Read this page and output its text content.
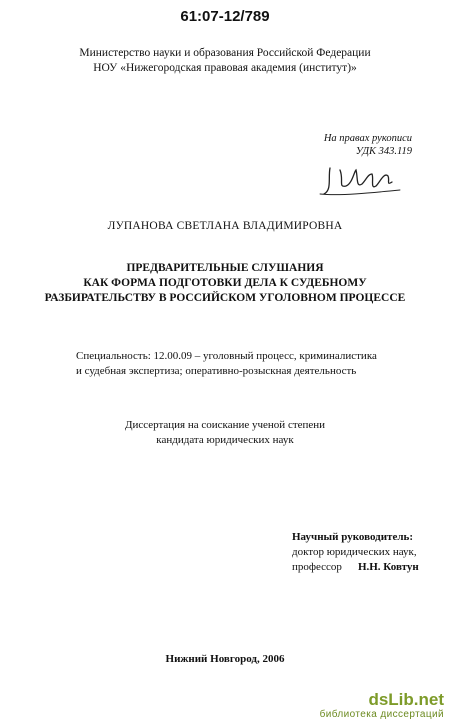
61:07-12/789
Министерство науки и образования Российской Федерации
НОУ «Нижегородская правовая академия (институт)»
На правах рукописи
УДК 343.119
ЛУПАНОВА СВЕТЛАНА ВЛАДИМИРОВНА
ПРЕДВАРИТЕЛЬНЫЕ СЛУШАНИЯ
КАК ФОРМА ПОДГОТОВКИ ДЕЛА К СУДЕБНОМУ
РАЗБИРАТЕЛЬСТВУ В РОССИЙСКОМ УГОЛОВНОМ ПРОЦЕССЕ
Специальность: 12.00.09 – уголовный процесс, криминалистика
и судебная экспертиза; оперативно-розыскная деятельность
Диссертация на соискание ученой степени
кандидата юридических наук
Научный руководитель:
доктор юридических наук,
профессор Н.Н. Ковтун
Нижний Новгород, 2006
dsLib.net
библиотека диссертаций
